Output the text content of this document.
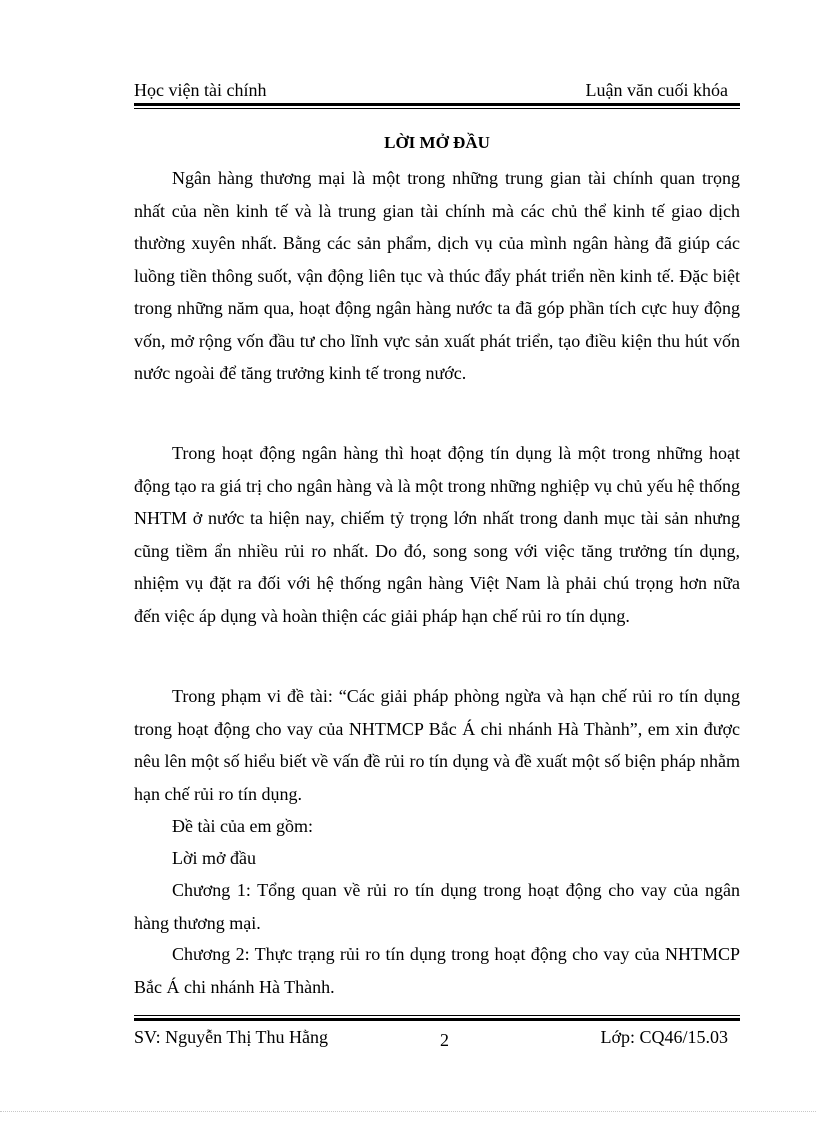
Học viện tài chính	Luận văn cuối khóa
LỜI MỞ ĐẦU

Ngân hàng thương mại là một trong những trung gian tài chính quan trọng nhất của nền kinh tế và là trung gian tài chính mà các chủ thể kinh tế giao dịch thường xuyên nhất. Bằng các sản phẩm, dịch vụ của mình ngân hàng đã giúp các luồng tiền thông suốt, vận động liên tục và thúc đẩy phát triển nền kinh tế. Đặc biệt trong những năm qua, hoạt động ngân hàng nước ta đã góp phần tích cực huy động vốn, mở rộng vốn đầu tư cho lĩnh vực sản xuất phát triển, tạo điều kiện thu hút vốn nước ngoài để tăng trưởng kinh tế trong nước.

Trong hoạt động ngân hàng thì hoạt động tín dụng là một trong những hoạt động tạo ra giá trị cho ngân hàng và là một trong những nghiệp vụ chủ yếu hệ thống NHTM ở nước ta hiện nay, chiếm tỷ trọng lớn nhất trong danh mục tài sản nhưng cũng tiềm ẩn nhiều rủi ro nhất. Do đó, song song với việc tăng trưởng tín dụng, nhiệm vụ đặt ra đối với hệ thống ngân hàng Việt Nam là phải chú trọng hơn nữa đến việc áp dụng và hoàn thiện các giải pháp hạn chế rủi ro tín dụng.

Trong phạm vi đề tài: “Các giải pháp phòng ngừa và hạn chế rủi ro tín dụng trong hoạt động cho vay của NHTMCP Bắc Á chi nhánh Hà Thành”, em xin được nêu lên một số hiểu biết về vấn đề rủi ro tín dụng và đề xuất một số biện pháp nhằm hạn chế rủi ro tín dụng.

Đề tài của em gồm:

Lời mở đầu

Chương 1: Tổng quan về rủi ro tín dụng trong hoạt động cho vay của ngân hàng thương mại.

Chương 2: Thực trạng rủi ro tín dụng trong hoạt động cho vay của NHTMCP Bắc Á chi nhánh Hà Thành.

SV: Nguyễn Thị Thu Hằng	2	Lớp: CQ46/15.03
